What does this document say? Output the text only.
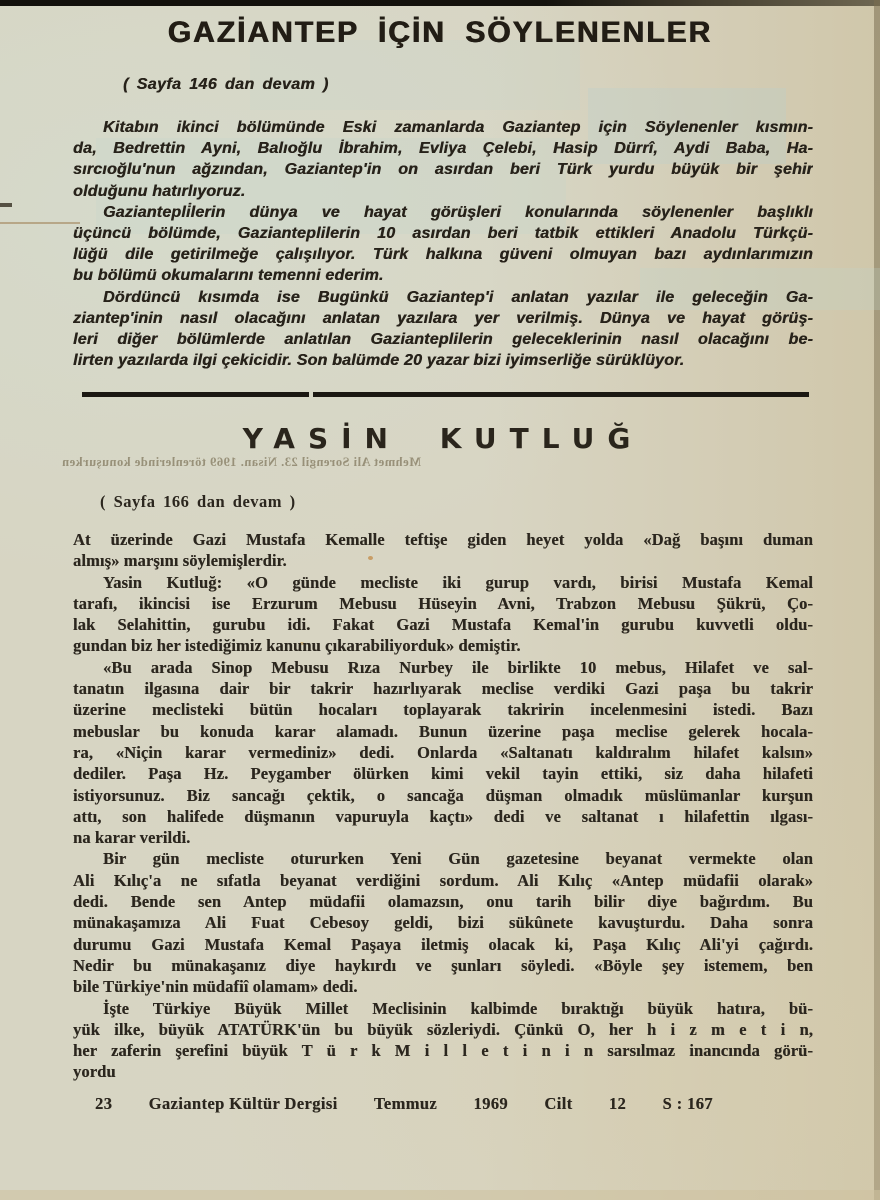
GAZİANTEP İÇİN SÖYLENENLER
( Sayfa 146 dan devam )
Kitabın ikinci bölümünde Eski zamanlarda Gaziantep için Söylenenler kısmın-
da, Bedrettin Ayni, Balıoğlu İbrahim, Evliya Çelebi, Hasip Dürrî, Aydi Baba, Ha-
sırcıoğlu'nun ağzından, Gaziantep'in on asırdan beri Türk yurdu büyük bir şehir
olduğunu hatırlıyoruz.
Gaziantepli̇lerin dünya ve hayat görüşleri konularında söylenenler başlıklı
üçüncü bölümde, Gazianteplilerin 10 asırdan beri tatbik ettikleri Anadolu Türkçü-
lüğü dile getirilmeğe çalışılıyor. Türk halkına güveni olmuyan bazı aydınlarımızın
bu bölümü okumalarını temenni ederim.
Dördüncü kısımda ise Bugünkü Gaziantep'i anlatan yazılar ile geleceğin Ga-
ziantep'inin nasıl olacağını anlatan yazılara yer verilmiş. Dünya ve hayat görüş-
leri diğer bölümlerde anlatılan Gazianteplilerin geleceklerinin nasıl olacağını be-
lirten yazılarda ilgi çekicidir. Son balümde 20 yazar bizi iyimserliğe sürüklüyor.
YASİN KUTLUĞ
Mehmet Ali Sorengil 23. Nisan. 1969 törenlerinde konuşurken
( Sayfa 166 dan devam )
At üzerinde Gazi Mustafa Kemalle teftişe giden heyet yolda «Dağ başını duman
almış» marşını söylemişlerdir.
Yasin Kutluğ: «O günde mecliste iki gurup vardı, birisi Mustafa Kemal
tarafı, ikincisi ise Erzurum Mebusu Hüseyin Avni, Trabzon Mebusu Şükrü, Ço-
lak Selahittin, gurubu idi. Fakat Gazi Mustafa Kemal'in gurubu kuvvetli oldu-
gundan biz her istediğimiz kanunu çıkarabiliyorduk» demiştir.
«Bu arada Sinop Mebusu Rıza Nurbey ile birlikte 10 mebus, Hilafet ve sal-
tanatın ilgasına dair bir takrir hazırlıyarak meclise verdiki Gazi paşa bu takrir
üzerine meclisteki bütün hocaları toplayarak takririn incelenmesini istedi. Bazı
mebuslar bu konuda karar alamadı. Bunun üzerine paşa meclise gelerek hocala-
ra, «Niçin karar vermediniz» dedi. Onlarda «Saltanatı kaldıralım hilafet kalsın»
dediler. Paşa Hz. Peygamber ölürken kimi vekil tayin ettiki, siz daha hilafeti
istiyorsunuz. Biz sancağı çektik, o sancağa düşman olmadık müslümanlar kurşun
attı, son halifede düşmanın vapuruyla kaçtı» dedi ve saltanat ı hilafettin ılgası-
na karar verildi.
Bir gün mecliste otururken Yeni Gün gazetesine beyanat vermekte olan
Ali Kılıç'a ne sıfatla beyanat verdiğini sordum. Ali Kılıç «Antep müdafii olarak»
dedi. Bende sen Antep müdafii olamazsın, onu tarih bilir diye bağırdım. Bu
münakaşamıza Ali Fuat Cebesoy geldi, bizi sükûnete kavuşturdu. Daha sonra
durumu Gazi Mustafa Kemal Paşaya iletmiş olacak ki, Paşa Kılıç Ali'yi çağırdı.
Nedir bu münakaşanız diye haykırdı ve şunları söyledi. «Böyle şey istemem, ben
bile Türkiye'nin müdafiî olamam» dedi.
İşte Türkiye Büyük Millet Meclisinin kalbimde bıraktığı büyük hatıra, bü-
yük ilke, büyük ATATÜRK'ün bu büyük sözleriydi. Çünkü O, her h i z m e t i n,
her zaferin şerefini büyük T ü r k M i l l e t i n i n sarsılmaz inancında görü-
yordu
23 Gaziantep Kültür Dergisi Temmuz 1969 Cilt 12 S : 167
